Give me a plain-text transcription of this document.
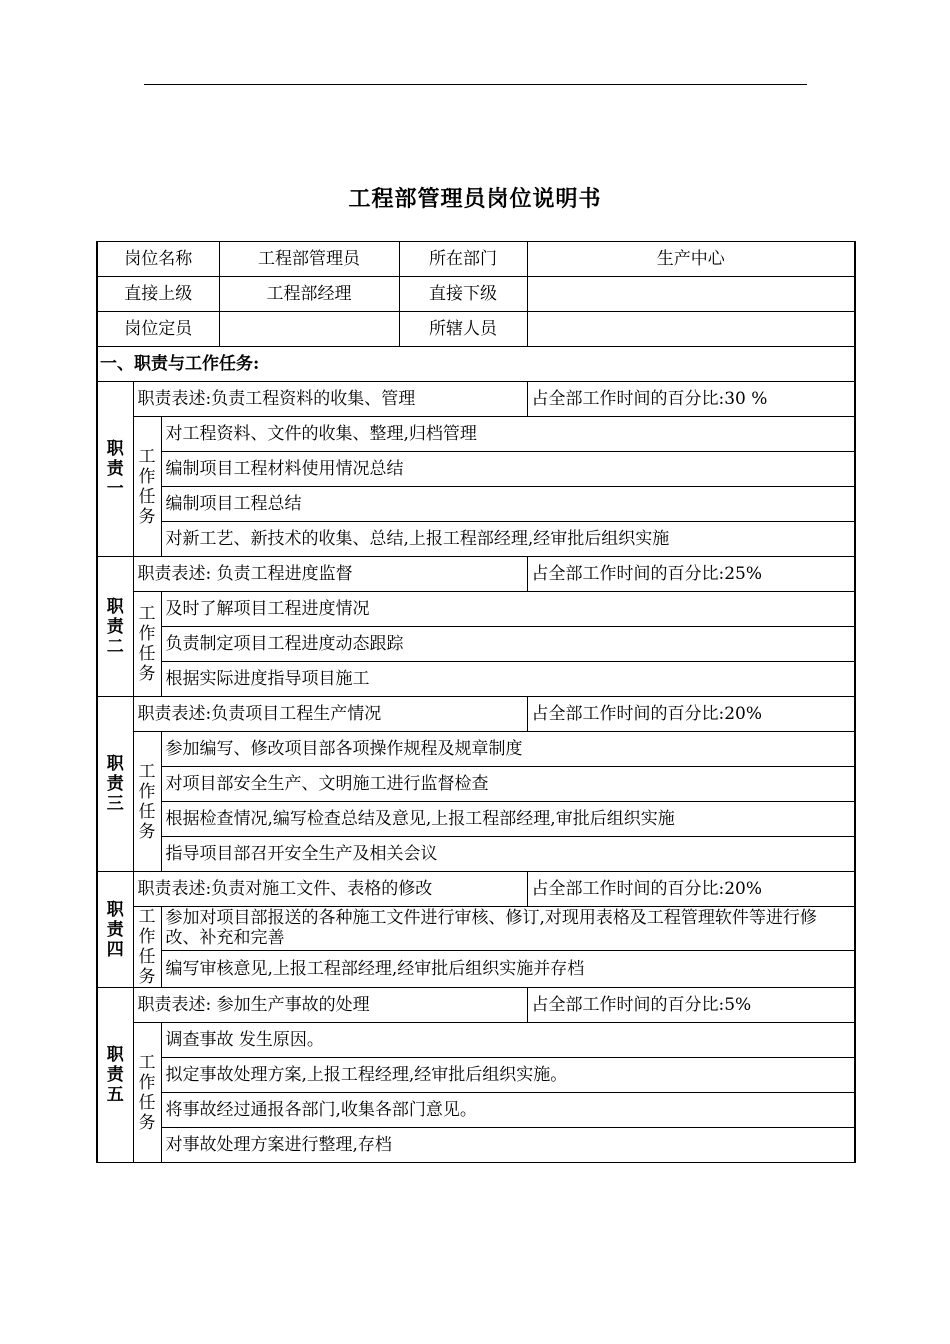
工程部管理员岗位说明书
岗位名称			工程部管理员	所在部门	生产中心
直接上级			工程部经理	直接下级	
岗位定员				所辖人员	
一、职责与工作任务:					
职责一	职责表述:负责工程资料的收集、管理				占全部工作时间的百分比:30 %
	工作任务	对工程资料、文件的收集、整理,归档管理			
		编制项目工程材料使用情况总结			
		编制项目工程总结			
		对新工艺、新技术的收集、总结,上报工程部经理,经审批后组织实施			
职责二	职责表述: 负责工程进度监督				占全部工作时间的百分比:25%
	工作任务	及时了解项目工程进度情况			
		负责制定项目工程进度动态跟踪			
		根据实际进度指导项目施工			
职责三	职责表述:负责项目工程生产情况				占全部工作时间的百分比:20%
	工作任务	参加编写、修改项目部各项操作规程及规章制度			
		对项目部安全生产、文明施工进行监督检查			
		根据检查情况,编写检查总结及意见,上报工程部经理,审批后组织实施			
		指导项目部召开安全生产及相关会议			
职责四	职责表述:负责对施工文件、表格的修改				占全部工作时间的百分比:20%
	工作任务	参加对项目部报送的各种施工文件进行审核、修订,对现用表格及工程管理软件等进行修改、补充和完善			
		编写审核意见,上报工程部经理,经审批后组织实施并存档			
职责五	职责表述: 参加生产事故的处理				占全部工作时间的百分比:5%
	工作任务	调查事故 发生原因。			
		拟定事故处理方案,上报工程经理,经审批后组织实施。			
		将事故经过通报各部门,收集各部门意见。			
		对事故处理方案进行整理,存档			
